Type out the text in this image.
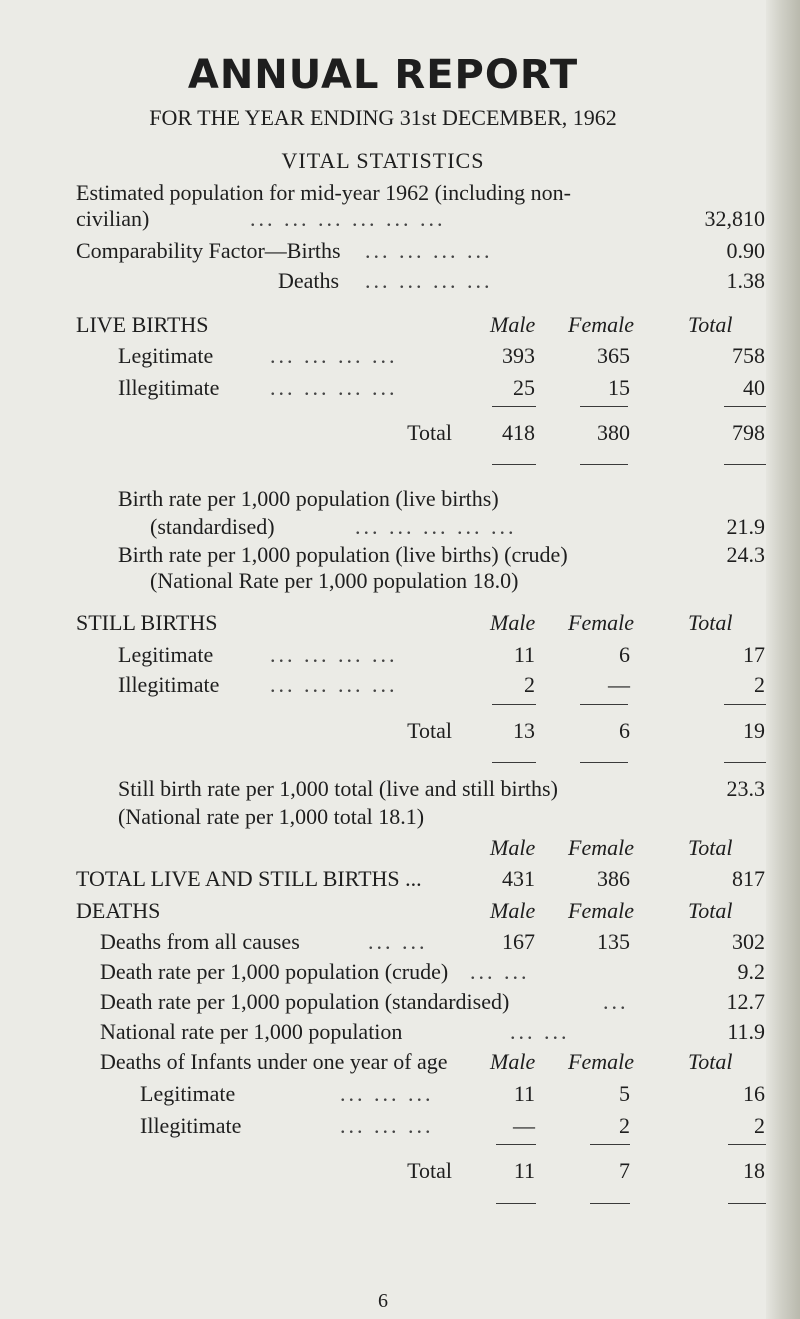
ANNUAL REPORT
FOR THE YEAR ENDING 31st DECEMBER, 1962
VITAL STATISTICS
Estimated population for mid-year 1962 (including non-
civilian)	... ... ... ... ... ...	32,810
Comparability Factor—Births ... ... ... ...	0.90
Deaths ... ... ... ...	1.38
LIVE BIRTHS	Male Female Total
Legitimate	... ... ... ...	393	365	758
Illegitimate ... ... ... ...	25	15	40
Total	418	380	798
Birth rate per 1,000 population (live births)
(standardised)	... ... ... ... ...	21.9
Birth rate per 1,000 population (live births) (crude)	24.3
(National Rate per 1,000 population 18.0)
STILL BIRTHS	Male Female Total
Legitimate	... ... ... ...	11	6	17
Illegitimate ... ... ... ...	2	—	2
Total	13	6	19
Still birth rate per 1,000 total (live and still births)	23.3
(National rate per 1,000 total 18.1)
Male Female Total
TOTAL LIVE AND STILL BIRTHS ...	431	386	817
DEATHS	Male Female Total
Deaths from all causes	... ...	167	135	302
Death rate per 1,000 population (crude) ... ...	9.2
Death rate per 1,000 population (standardised)	...	12.7
National rate per 1,000 population	... ...	11.9
Deaths of Infants under one year of age Male Female Total
Legitimate	... ... ...	11	5	16
Illegitimate	... ... ...	—	2	2
Total	11	7	18
6
